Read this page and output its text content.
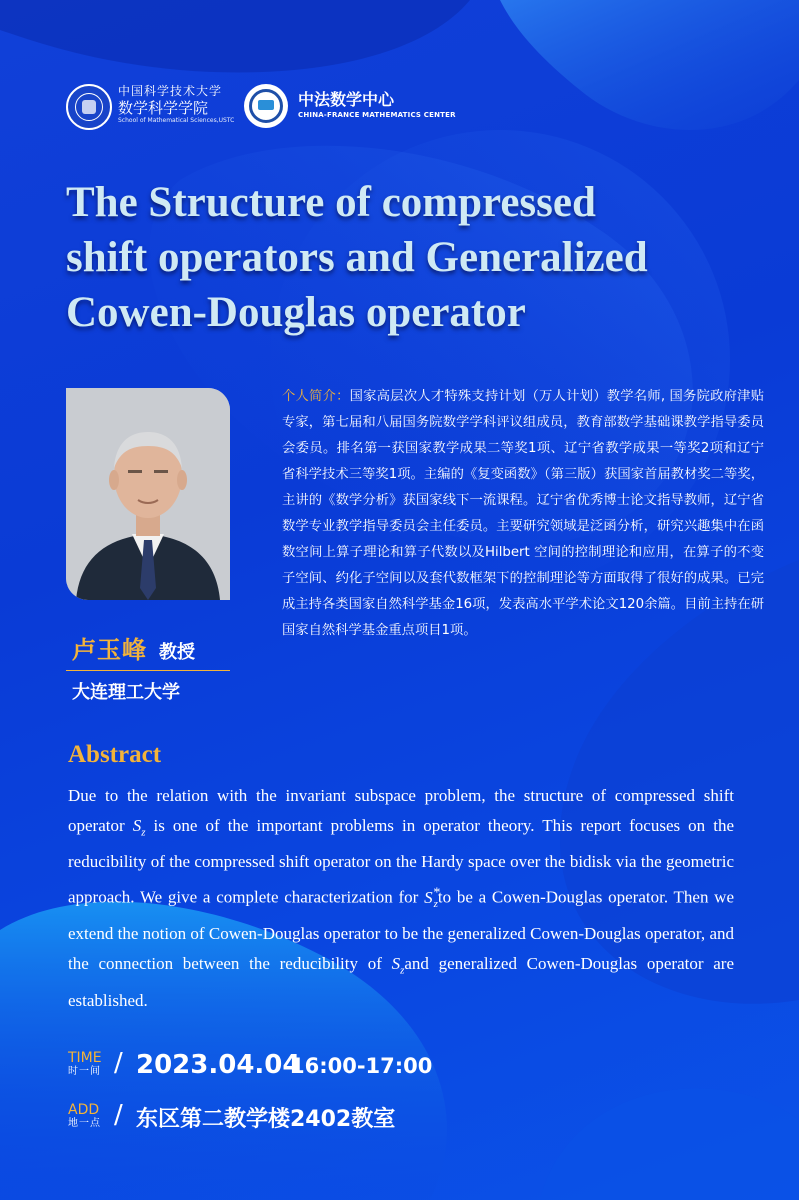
中国科学技术大学
数学科学学院
School of Mathematical Sciences,USTC
中法数学中心
CHINA-FRANCE MATHEMATICS CENTER
The Structure of compressed
shift operators and Generalized
Cowen-Douglas operator
卢玉峰 教授
大连理工大学
个人简介：国家高层次人才特殊支持计划（万人计划）教学名师, 国务院政府津贴专家，第七届和八届国务院数学学科评议组成员，教育部数学基础课教学指导委员会委员。排名第一获国家教学成果二等奖1项、辽宁省教学成果一等奖2项和辽宁省科学技术三等奖1项。主编的《复变函数》（第三版）获国家首届教材奖二等奖，主讲的《数学分析》获国家线下一流课程。辽宁省优秀博士论文指导教师，辽宁省数学专业教学指导委员会主任委员。主要研究领域是泛函分析，研究兴趣集中在函数空间上算子理论和算子代数以及Hilbert 空间的控制理论和应用，在算子的不变子空间、约化子空间以及套代数框架下的控制理论等方面取得了很好的成果。已完成主持各类国家自然科学基金16项，发表高水平学术论文120余篇。目前主持在研国家自然科学基金重点项目1项。
Abstract
Due to the relation with the invariant subspace problem, the structure of compressed shift operator $S_z$ is one of the important problems in operator theory. This report focuses on the reducibility of the compressed shift operator on the Hardy space over the bidisk via the geometric approach. We give a complete characterization for $S^*_zto$ be a Cowen-Douglas operator. Then we extend the notion of Cowen-Douglas operator to be the generalized Cowen-Douglas operator, and the connection between the reducibility of $S_zand$ generalized Cowen-Douglas operator are established.
TIME
时一间 / 2023.04.04
16:00-17:00
ADD
地一点 / 东区第二教学楼2402教室
